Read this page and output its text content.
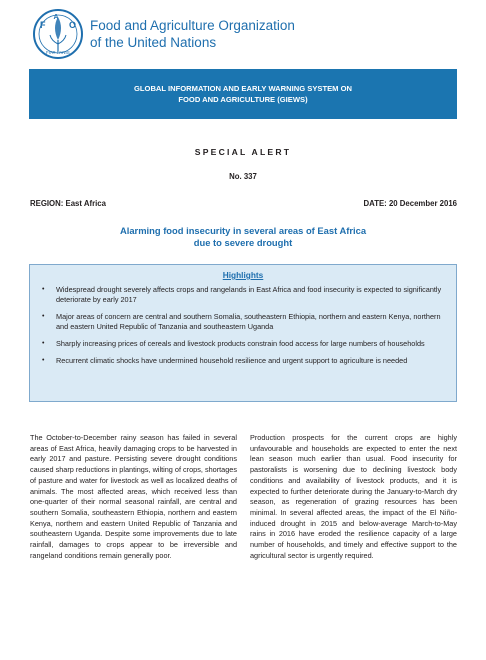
F
A
O
FIAT PANIS
Food and Agriculture Organization
of the United Nations
GLOBAL INFORMATION AND EARLY WARNING SYSTEM ON
FOOD AND AGRICULTURE (GIEWS)
SPECIAL ALERT
No. 337
REGION: East Africa	DATE: 20 December 2016
Alarming food insecurity in several areas of East Africa
due to severe drought
Highlights
• Widespread drought severely affects crops and rangelands in East Africa and food insecurity is expected to significantly deteriorate by early 2017
• Major areas of concern are central and southern Somalia, southeastern Ethiopia, northern and eastern Kenya, northern and eastern United Republic of Tanzania and southeastern Uganda
• Sharply increasing prices of cereals and livestock products constrain food access for large numbers of households
• Recurrent climatic shocks have undermined household resilience and urgent support to agriculture is needed
The October-to-December rainy season has failed in several areas of East Africa, heavily damaging crops to be harvested in early 2017 and pasture. Persisting severe drought conditions caused sharp reductions in plantings, wilting of crops, shortages of pasture and water for livestock as well as localized deaths of animals. The most affected areas, which received less than one-quarter of their normal seasonal rainfall, are central and southern Somalia, southeastern Ethiopia, northern and eastern Kenya, northern and eastern United Republic of Tanzania and southeastern Uganda. Despite some improvements due to late rainfall, damages to crops appear to be irreversible and rangeland conditions remain generally poor.
Production prospects for the current crops are highly unfavourable and households are expected to enter the next lean season much earlier than usual. Food insecurity for pastoralists is worsening due to declining livestock body conditions and availability of livestock products, and it is expected to further deteriorate during the January-to-March dry season, as regeneration of grazing resources has been minimal. In several affected areas, the impact of the El Niño-induced drought in 2015 and below-average March-to-May rains in 2016 have eroded the resilience capacity of a large number of households, and timely and effective support to the agricultural sector is urgently required.
